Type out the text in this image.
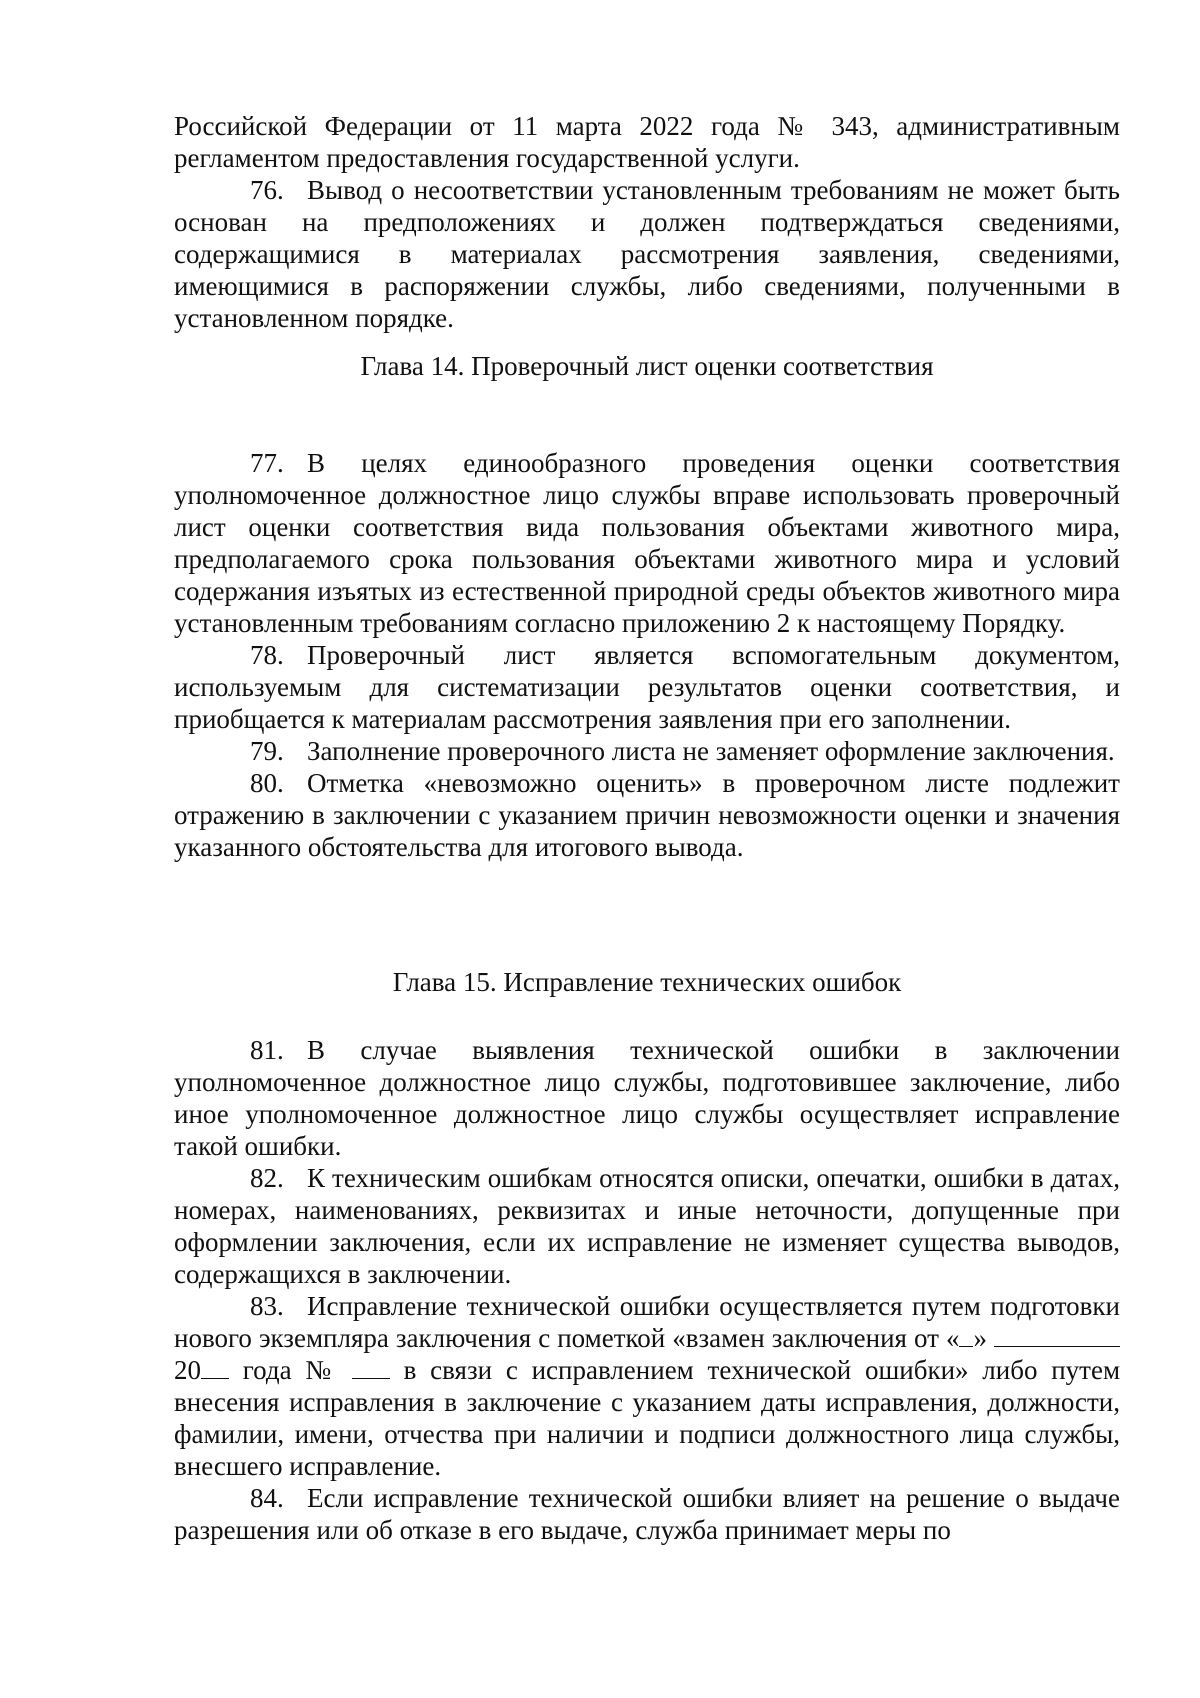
Российской Федерации от 11 марта 2022 года № 343, административным регламентом предоставления государственной услуги.

76. Вывод о несоответствии установленным требованиям не может быть основан на предположениях и должен подтверждаться сведениями, содержащимися в материалах рассмотрения заявления, сведениями, имеющимися в распоряжении службы, либо сведениями, полученными в установленном порядке.

Глава 14. Проверочный лист оценки соответствия

77. В целях единообразного проведения оценки соответствия уполномоченное должностное лицо службы вправе использовать проверочный лист оценки соответствия вида пользования объектами животного мира, предполагаемого срока пользования объектами животного мира и условий содержания изъятых из естественной природной среды объектов животного мира установленным требованиям согласно приложению 2 к настоящему Порядку.

78. Проверочный лист является вспомогательным документом, используемым для систематизации результатов оценки соответствия, и приобщается к материалам рассмотрения заявления при его заполнении.

79. Заполнение проверочного листа не заменяет оформление заключения.

80. Отметка «невозможно оценить» в проверочном листе подлежит отражению в заключении с указанием причин невозможности оценки и значения указанного обстоятельства для итогового вывода.

Глава 15. Исправление технических ошибок

81. В случае выявления технической ошибки в заключении уполномоченное должностное лицо службы, подготовившее заключение, либо иное уполномоченное должностное лицо службы осуществляет исправление такой ошибки.

82. К техническим ошибкам относятся описки, опечатки, ошибки в датах, номерах, наименованиях, реквизитах и иные неточности, допущенные при оформлении заключения, если их исправление не изменяет существа выводов, содержащихся в заключении.

83. Исправление технической ошибки осуществляется путем подготовки нового экземпляра заключения с пометкой «взамен заключения от « »  20 года № в связи с исправлением технической ошибки» либо путем внесения исправления в заключение с указанием даты исправления, должности, фамилии, имени, отчества при наличии и подписи должностного лица службы, внесшего исправление.

84. Если исправление технической ошибки влияет на решение о выдаче разрешения или об отказе в его выдаче, служба принимает меры по
